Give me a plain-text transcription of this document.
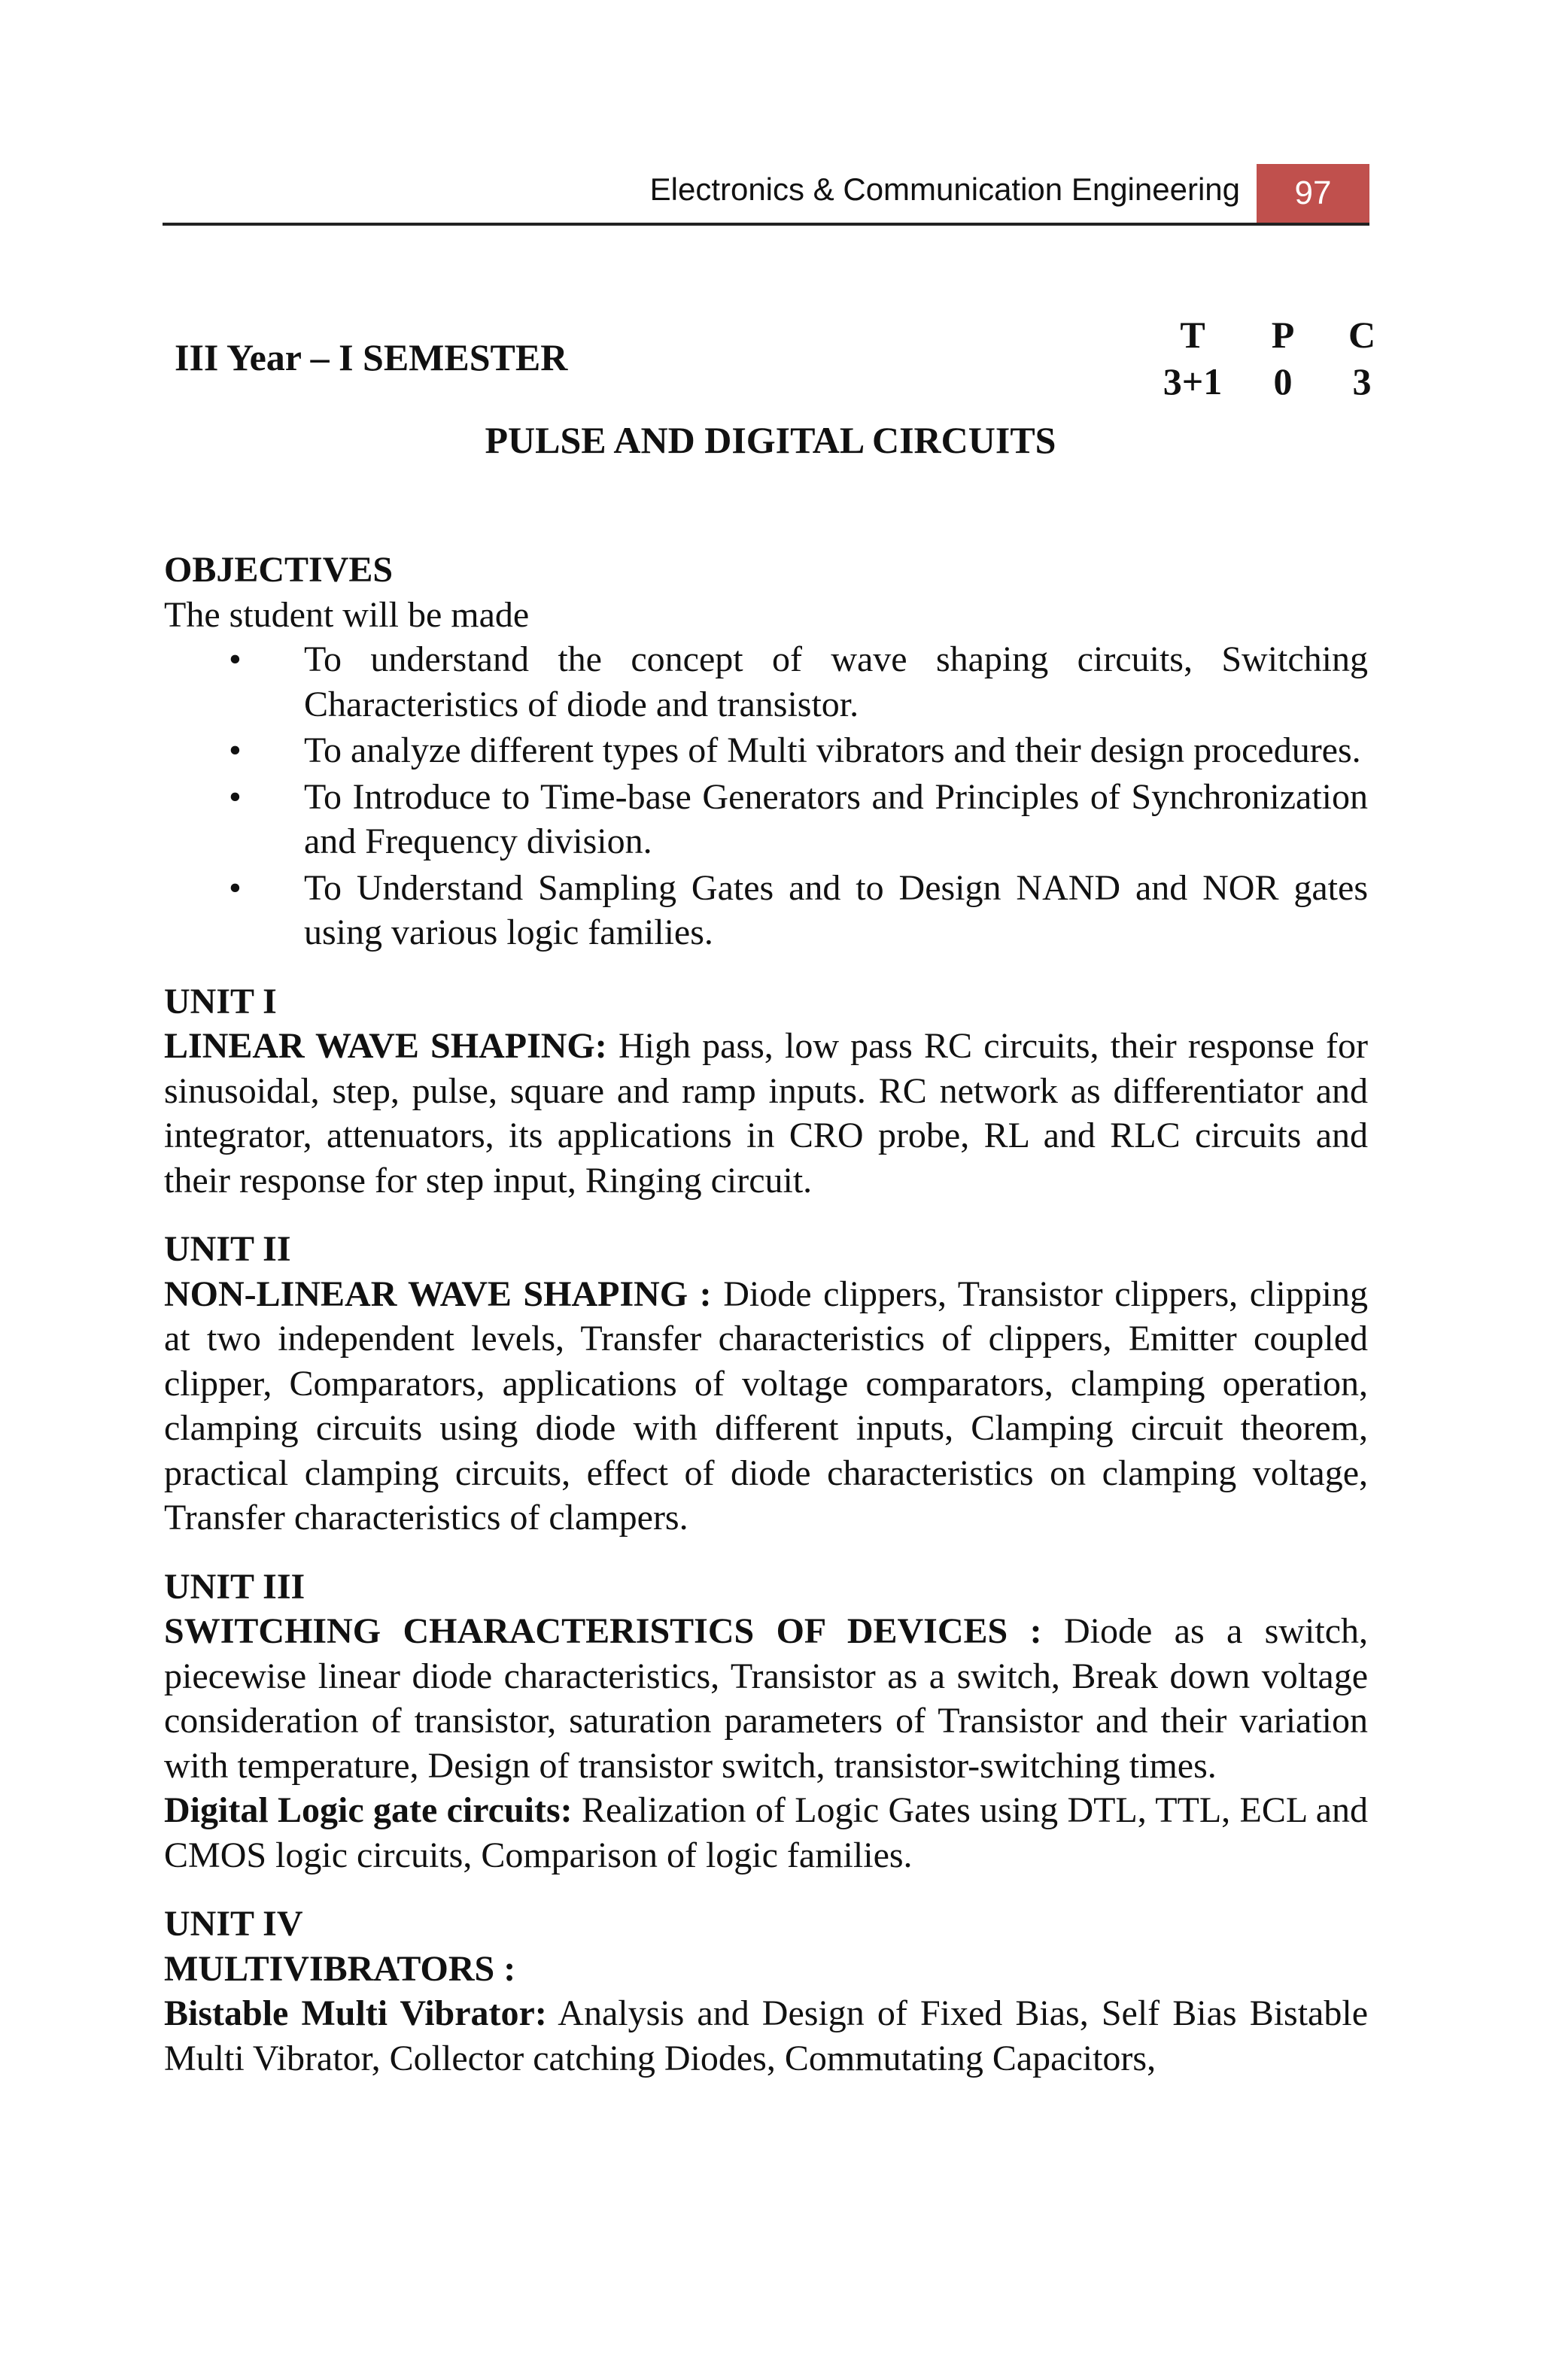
Electronics & Communication Engineering	97
III Year – I SEMESTER
T	P	C
3+1	0	3
PULSE AND DIGITAL CIRCUITS
OBJECTIVES

The student will be made

• To understand the concept of wave shaping circuits, Switching Characteristics of diode and transistor.
• To analyze different types of Multi vibrators and their design procedures.
• To Introduce to Time-base Generators and Principles of Synchronization and Frequency division.
• To Understand Sampling Gates and to Design NAND and NOR gates using various logic families.
UNIT I

LINEAR WAVE SHAPING: High pass, low pass RC circuits, their response for sinusoidal, step, pulse, square and ramp inputs. RC network as differentiator and integrator, attenuators, its applications in CRO probe, RL and RLC circuits and their response for step input, Ringing circuit.

UNIT II

NON-LINEAR WAVE SHAPING : Diode clippers, Transistor clippers, clipping at two independent levels, Transfer characteristics of clippers, Emitter coupled clipper, Comparators, applications of voltage comparators, clamping operation, clamping circuits using diode with different inputs, Clamping circuit theorem, practical clamping circuits, effect of diode characteristics on clamping voltage, Transfer characteristics of clampers.

UNIT III

SWITCHING CHARACTERISTICS OF DEVICES : Diode as a switch, piecewise linear diode characteristics, Transistor as a switch, Break down voltage consideration of transistor, saturation parameters of Transistor and their variation with temperature, Design of transistor switch, transistor-switching times.

Digital Logic gate circuits: Realization of Logic Gates using DTL, TTL, ECL and CMOS logic circuits, Comparison of logic families.

UNIT IV
MULTIVIBRATORS :

Bistable Multi Vibrator: Analysis and Design of Fixed Bias, Self Bias Bistable Multi Vibrator, Collector catching Diodes, Commutating Capacitors,
